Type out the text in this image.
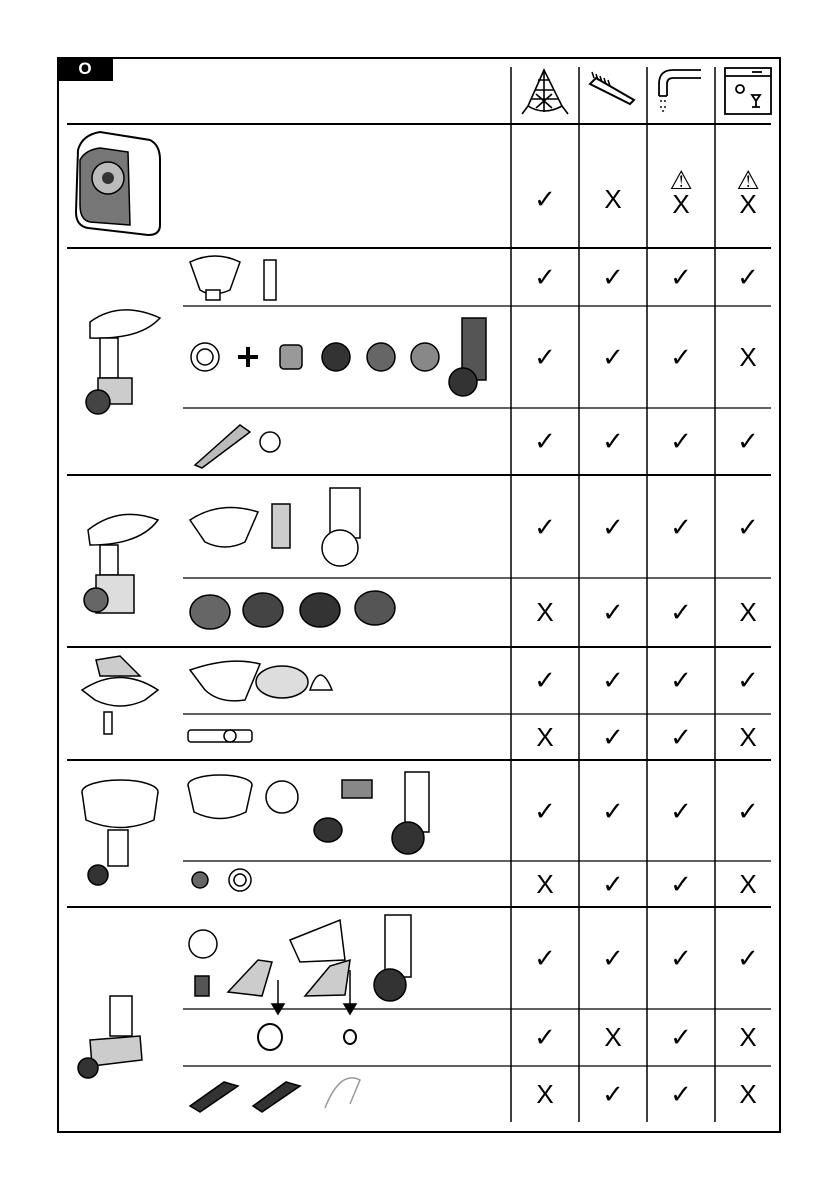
O
✓ X
⚠
X
⚠
X
✓ ✓ ✓ ✓
✓ ✓ ✓ X
✓ ✓ ✓ ✓
✓ ✓ ✓ ✓
X ✓ ✓ X
✓ ✓ ✓ ✓
X ✓ ✓ X
✓ ✓ ✓ ✓
X ✓ ✓ X
✓ ✓ ✓ ✓
✓ X ✓ X
X ✓ ✓ X
